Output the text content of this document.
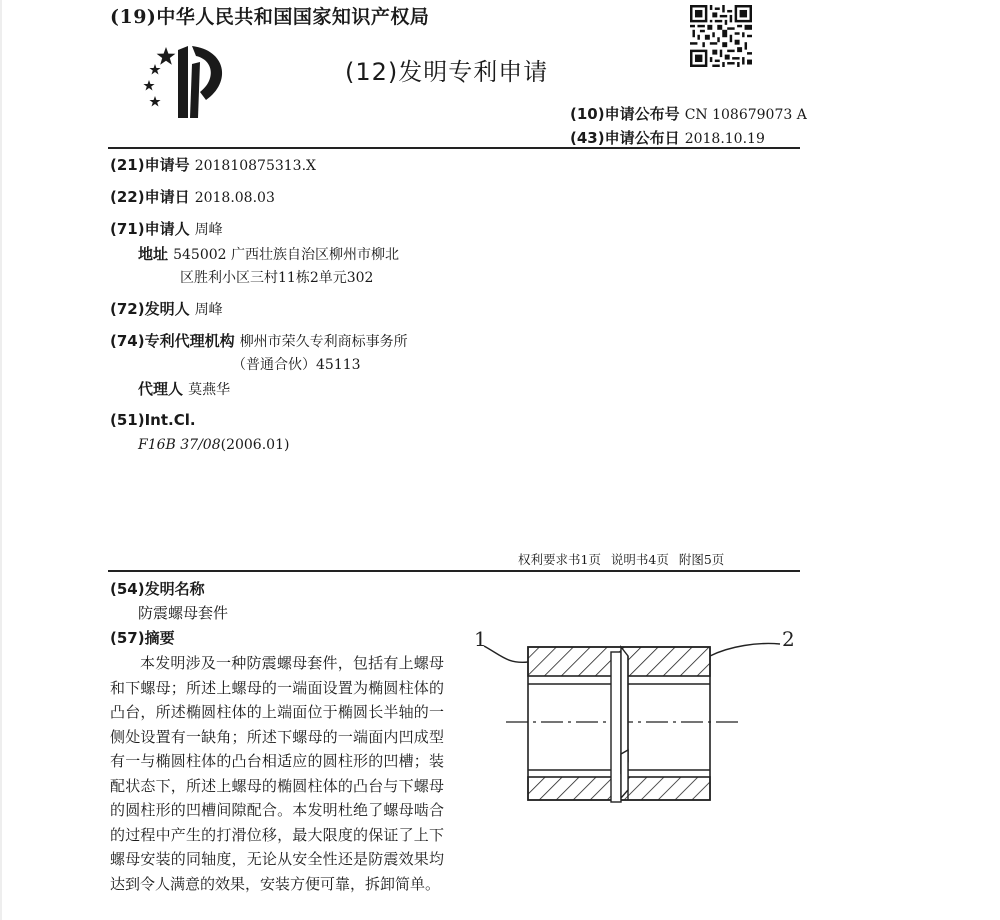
(19)中华人民共和国国家知识产权局
(12)发明专利申请
(10)申请公布号 CN 108679073 A
(43)申请公布日 2018.10.19
(21)申请号 201810875313.X
(22)申请日 2018.08.03
(71)申请人 周峰
地址 545002 广西壮族自治区柳州市柳北
区胜利小区三村11栋2单元302
(72)发明人 周峰
(74)专利代理机构 柳州市荣久专利商标事务所
（普通合伙）45113
代理人 莫燕华
(51)Int.Cl.
F16B 37/08(2006.01)
权利要求书1页 说明书4页 附图5页
(54)发明名称
防震螺母套件
(57)摘要
本发明涉及一种防震螺母套件，包括有上螺母和下螺母；所述上螺母的一端面设置为椭圆柱体的凸台，所述椭圆柱体的上端面位于椭圆长半轴的一侧处设置有一缺角；所述下螺母的一端面内凹成型有一与椭圆柱体的凸台相适应的圆柱形的凹槽；装配状态下，所述上螺母的椭圆柱体的凸台与下螺母的圆柱形的凹槽间隙配合。本发明杜绝了螺母啮合的过程中产生的打滑位移，最大限度的保证了上下螺母安装的同轴度，无论从安全性还是防震效果均达到令人满意的效果，安装方便可靠，拆卸简单。
1	2
